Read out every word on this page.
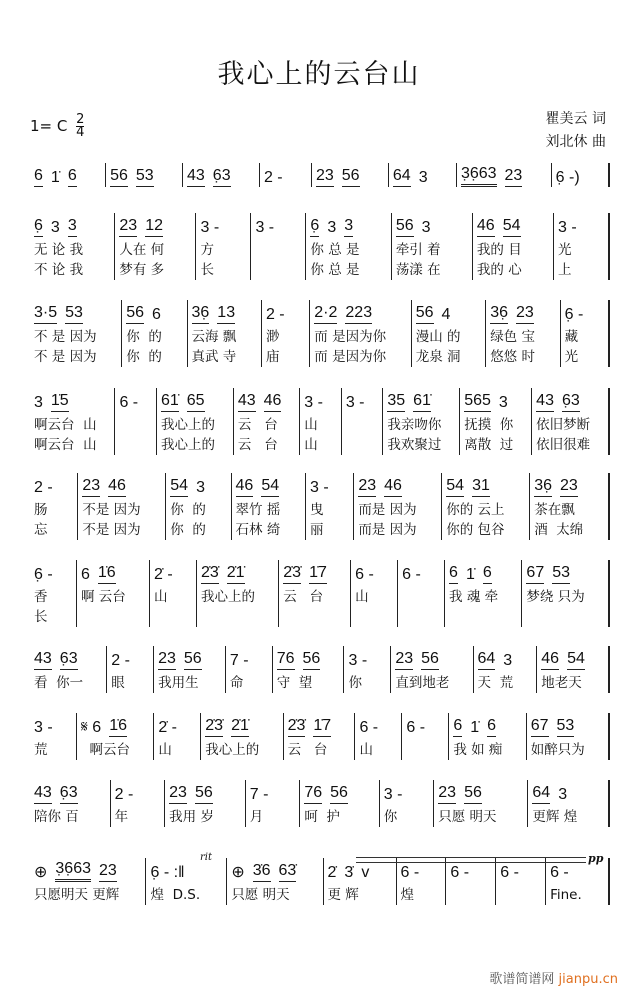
我心上的云台山
1= C $\frac{2}{4}$	瞿美云 词
刘北休 曲
6 1̇ 6 56 53 43 6̣3 2 - 23 56 64 3 3̣6̣63 23 6̣ -)
6̣ 3 3
无 论 我
不 论 我
23 12
人在 何
梦有 多
3 -
方
长
3 - 6̣ 3 3
你 总 是
你 总 是
56 3
牵引 着
荡漾 在
46 54
我的 目
我的 心
3 -
光
上
3·5 53
不 是 因为
不 是 因为
56 6
你  的
你  的
36̣ 13
云海 飘
真武 寺
2 -
渺
庙
2·2 223
而 是因为你
而 是因为你
56 4
漫山 的
龙泉 洞
36̣ 23
绿色 宝
悠悠 时
6̣ -
藏
光
3 1̇5
啊云台  山
啊云台  山
6 - 61̇ 65
我心上的
我心上的
43 46
云   台
云   台
3 -
山
山
3 - 35 61̇
我亲吻你
我欢聚过
565 3
抚摸  你
离散  过
43 6̣3
依旧梦断
依旧很难
2 -
肠
忘
23 46
不是 因为
不是 因为
54 3
你  的
你  的
46 54
翠竹 摇
石林 绮
3 -
曳
丽
23 46
而是 因为
而是 因为
54 31
你的 云上
你的 包谷
36̣ 23
茶在飘
酒  太绵
6̣ -
香
长
6 1̇6
啊 云台
2̇ -
山
2̇3̇ 2̇1̇
我心上的
2̇3̇ 1̇7
云   台
6 -
山
6 - 6 1̇ 6
我 魂 牵
67 53
梦绕 只为
43 6̣3
看  你一
2 -
眼
23 56
我用生
7 -
命
76 56
守  望
3 -
你
23 56
直到地老
64 3
天  荒
46 54
地老天
3 -
荒
𝄋 6 1̇6
啊云台
2̇ -
山
2̇3̇ 2̇1̇
我心上的
2̇3̇ 1̇7
云   台
6 -
山
6 - 6 1̇ 6
我 如 痴
67 53
如醉只为
43 6̣3
陪你 百
2 -
年
23 56
我用 岁
7 -
月
76 56
呵  护
3 -
你
23 56
只愿 明天
64 3
更辉 煌
⊕ 3̣6̣63 23
只愿明天 更辉
6̣ - :‖
煌  D.S.
⊕ 3̇6 63̇
只愿 明天
2̇ 3̇ v
更 辉
6 -
煌
6 - 6 - 6 -
Fine.
rit	pp
歌谱简谱网 jianpu.cn
